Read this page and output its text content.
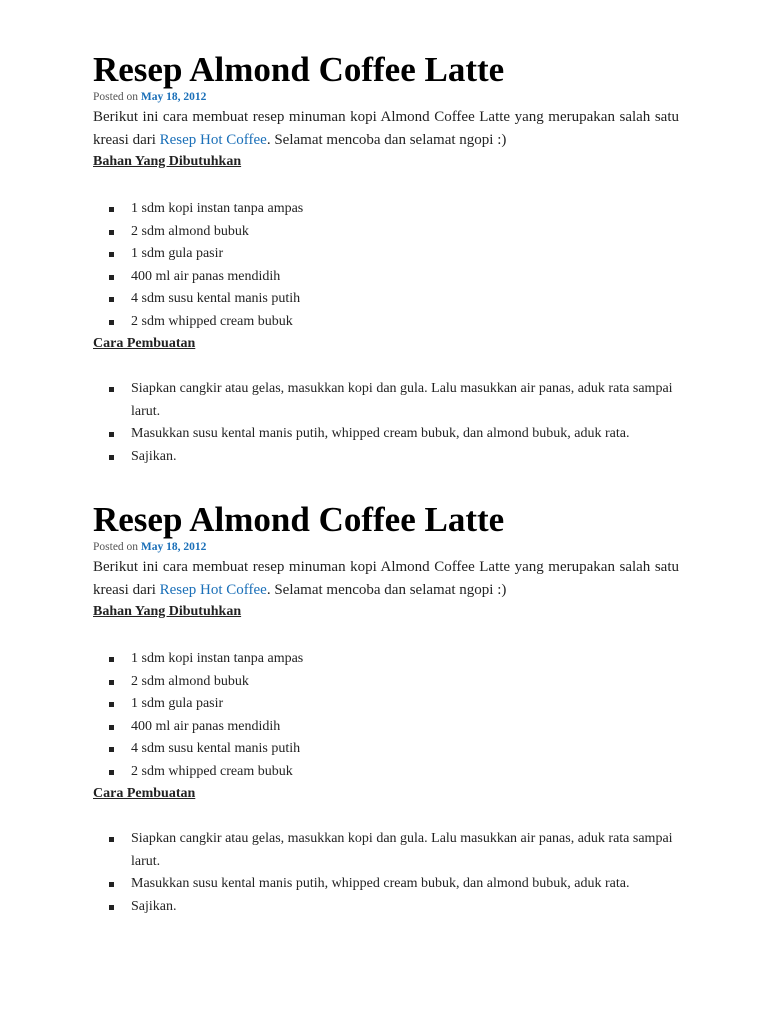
Resep Almond Coffee Latte
Posted on May 18, 2012

Berikut ini cara membuat resep minuman kopi Almond Coffee Latte yang merupakan salah satu kreasi dari Resep Hot Coffee. Selamat mencoba dan selamat ngopi :)

Bahan Yang Dibutuhkan
1 sdm kopi instan tanpa ampas
2 sdm almond bubuk
1 sdm gula pasir
400 ml air panas mendidih
4 sdm susu kental manis putih
2 sdm whipped cream bubuk
Cara Pembuatan
Siapkan cangkir atau gelas, masukkan kopi dan gula. Lalu masukkan air panas, aduk rata sampai larut.
Masukkan susu kental manis putih, whipped cream bubuk, dan almond bubuk, aduk rata.
Sajikan.
Resep Almond Coffee Latte
Posted on May 18, 2012

Berikut ini cara membuat resep minuman kopi Almond Coffee Latte yang merupakan salah satu kreasi dari Resep Hot Coffee. Selamat mencoba dan selamat ngopi :)

Bahan Yang Dibutuhkan
1 sdm kopi instan tanpa ampas
2 sdm almond bubuk
1 sdm gula pasir
400 ml air panas mendidih
4 sdm susu kental manis putih
2 sdm whipped cream bubuk
Cara Pembuatan
Siapkan cangkir atau gelas, masukkan kopi dan gula. Lalu masukkan air panas, aduk rata sampai larut.
Masukkan susu kental manis putih, whipped cream bubuk, dan almond bubuk, aduk rata.
Sajikan.
